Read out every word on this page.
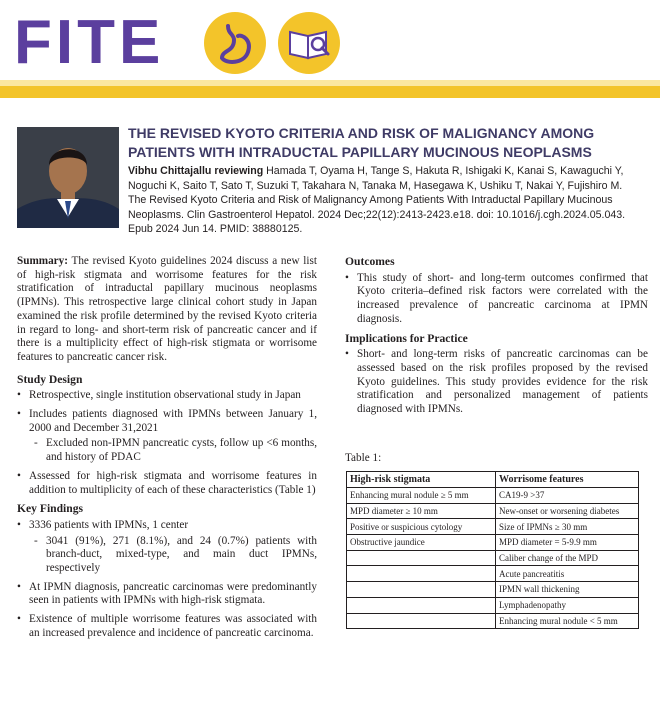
FITE
THE REVISED KYOTO CRITERIA AND RISK OF MALIGNANCY AMONG PATIENTS WITH INTRADUCTAL PAPILLARY MUCINOUS NEOPLASMS
Vibhu Chittajallu reviewing Hamada T, Oyama H, Tange S, Hakuta R, Ishigaki K, Kanai S, Kawaguchi Y, Noguchi K, Saito T, Sato T, Suzuki T, Takahara N, Tanaka M, Hasegawa K, Ushiku T, Nakai Y, Fujishiro M. The Revised Kyoto Criteria and Risk of Malignancy Among Patients With Intraductal Papillary Mucinous Neoplasms. Clin Gastroenterol Hepatol. 2024 Dec;22(12):2413-2423.e18. doi: 10.1016/j.cgh.2024.05.043. Epub 2024 Jun 14. PMID: 38880125.

Summary: The revised Kyoto guidelines 2024 discuss a new list of high-risk stigmata and worrisome features for the risk stratification of intraductal papillary mucinous neoplasms (IPMNs). This retrospective large clinical cohort study in Japan examined the risk profile determined by the revised Kyoto criteria in regard to long- and short-term risk of pancreatic cancer and if there is a multiplicity effect of high-risk stigmata or worrisome features to pancreatic cancer risk.

Study Design
• Retrospective, single institution observational study in Japan
• Includes patients diagnosed with IPMNs between January 1, 2000 and December 31,2021
- Excluded non-IPMN pancreatic cysts, follow up <6 months, and history of PDAC
• Assessed for high-risk stigmata and worrisome features in addition to multiplicity of each of these characteristics (Table 1)
Key Findings
• 3336 patients with IPMNs, 1 center
- 3041 (91%), 271 (8.1%), and 24 (0.7%) patients with branch-duct, mixed-type, and main duct IPMNs, respectively
• At IPMN diagnosis, pancreatic carcinomas were predominantly seen in patients with IPMNs with high-risk stigmata.
• Existence of multiple worrisome features was associated with an increased prevalence and incidence of pancreatic carcinoma.
Outcomes
• This study of short- and long-term outcomes confirmed that Kyoto criteria–defined risk factors were correlated with the increased prevalence of pancreatic carcinoma at IPMN diagnosis.
Implications for Practice
• Short- and long-term risks of pancreatic carcinomas can be assessed based on the risk profiles proposed by the revised Kyoto guidelines. This study provides evidence for the risk stratification and personalized management of patients diagnosed with IPMNs.
Table 1:
High-risk stigmata	Worrisome features
Enhancing mural nodule ≥ 5 mm	CA19-9 >37
MPD diameter ≥ 10 mm	New-onset or worsening diabetes
Positive or suspicious cytology	Size of IPMNs ≥ 30 mm
Obstructive jaundice	MPD diameter = 5-9.9 mm
	Caliber change of the MPD
	Acute pancreatitis
	IPMN wall thickening
	Lymphadenopathy
	Enhancing mural nodule < 5 mm
